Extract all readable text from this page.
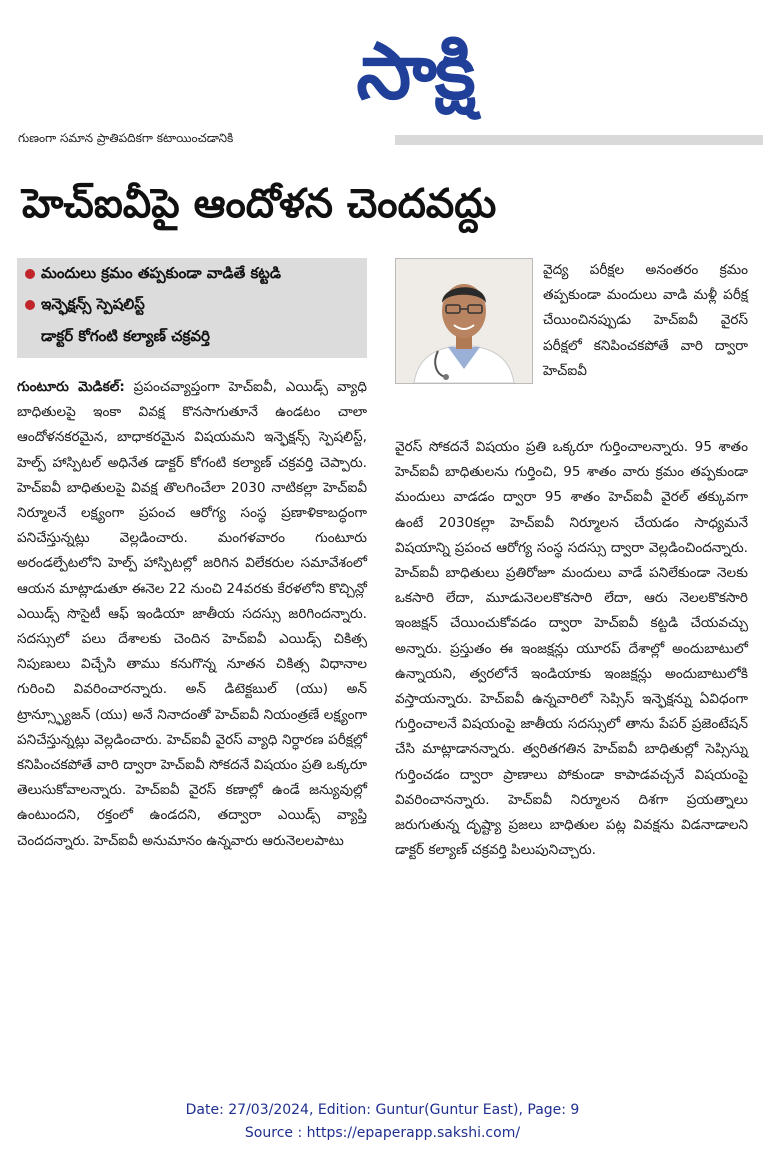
సాక్షి
గుణంగా సమాన ప్రాతిపదికగా కటాయించడానికి
హెచ్ఐవీపై ఆందోళన చెందవద్దు
మందులు క్రమం తప్పకుండా వాడితే కట్టడి
ఇన్ఫెక్షన్స్ స్పెషలిస్ట్
డాక్టర్ కోగంటి కల్యాణ్ చక్రవర్తి

వైద్య పరీక్షల అనంతరం క్రమం తప్పకుండా మందులు వాడి మళ్లీ పరీక్ష చేయించినప్పుడు హెచ్ఐవీ వైరస్ పరీక్షలో కనిపించకపోతే వారి ద్వారా హెచ్ఐవీ

గుంటూరు మెడికల్: ప్రపంచవ్యాప్తంగా హెచ్ఐవీ, ఎయిడ్స్ వ్యాధి బాధితులపై ఇంకా వివక్ష కొనసాగుతూనే ఉండటం చాలా ఆందోళనకరమైన, బాధాకరమైన విషయమని ఇన్ఫెక్షన్స్ స్పెషలిస్ట్, హెల్ప్ హాస్పిటల్ అధినేత డాక్టర్ కోగంటి కల్యాణ్ చక్రవర్తి చెప్పారు. హెచ్ఐవీ బాధితులపై వివక్ష తొలగించేలా 2030 నాటికల్లా హెచ్ఐవీ నిర్మూలనే లక్ష్యంగా ప్రపంచ ఆరోగ్య సంస్థ ప్రణాళికాబద్ధంగా పనిచేస్తున్నట్లు వెల్లడించారు. మంగళవారం గుంటూరు అరండల్పేటలోని హెల్ప్ హాస్పిటల్లో జరిగిన విలేకరుల సమావేశంలో ఆయన మాట్లాడుతూ ఈనెల 22 నుంచి 24వరకు కేరళలోని కొచ్చిన్లో ఎయిడ్స్ సొసైటీ ఆఫ్ ఇండియా జాతీయ సదస్సు జరిగిందన్నారు. సదస్సులో పలు దేశాలకు చెందిన హెచ్ఐవీ ఎయిడ్స్ చికిత్స నిపుణులు విచ్చేసి తాము కనుగొన్న నూతన చికిత్స విధానాల గురించి వివరించారన్నారు. అన్ డిటెక్టబుల్ (యు) అన్ ట్రాన్స్ఫ్యూజన్ (యు) అనే నినాదంతో హెచ్ఐవీ నియంత్రణే లక్ష్యంగా పనిచేస్తున్నట్లు వెల్లడించారు. హెచ్ఐవీ వైరస్ వ్యాధి నిర్ధారణ పరీక్షల్లో కనిపించకపోతే వారి ద్వారా హెచ్ఐవీ సోకదనే విషయం ప్రతి ఒక్కరూ తెలుసుకోవాలన్నారు. హెచ్ఐవీ వైరస్ కణాల్లో ఉండే జన్యువుల్లో ఉంటుందని, రక్తంలో ఉండదని, తద్వారా ఎయిడ్స్ వ్యాప్తి చెందదన్నారు. హెచ్ఐవీ అనుమానం ఉన్నవారు ఆరునెలలపాటు

వైరస్ సోకదనే విషయం ప్రతి ఒక్కరూ గుర్తించాలన్నారు. 95 శాతం హెచ్ఐవీ బాధితులను గుర్తించి, 95 శాతం వారు క్రమం తప్పకుండా మందులు వాడడం ద్వారా 95 శాతం హెచ్ఐవీ వైరల్ తక్కువగా ఉంటే 2030కల్లా హెచ్ఐవీ నిర్మూలన చేయడం సాధ్యమనే విషయాన్ని ప్రపంచ ఆరోగ్య సంస్థ సదస్సు ద్వారా వెల్లడించిందన్నారు. హెచ్ఐవీ బాధితులు ప్రతిరోజూ మందులు వాడే పనిలేకుండా నెలకు ఒకసారి లేదా, మూడునెలలకొకసారి లేదా, ఆరు నెలలకొకసారి ఇంజక్షన్ చేయించుకోవడం ద్వారా హెచ్ఐవీ కట్టడి చేయవచ్చు అన్నారు. ప్రస్తుతం ఈ ఇంజక్షన్లు యూరప్ దేశాల్లో అందుబాటులో ఉన్నాయని, త్వరలోనే ఇండియాకు ఇంజక్షన్లు అందుబాటులోకి వస్తాయన్నారు. హెచ్ఐవీ ఉన్నవారిలో సెప్సిస్ ఇన్ఫెక్షన్ను ఏవిధంగా గుర్తించాలనే విషయంపై జాతీయ సదస్సులో తాను పేపర్ ప్రజెంటేషన్ చేసి మాట్లాడానన్నారు. త్వరితగతిన హెచ్ఐవీ బాధితుల్లో సెప్సిస్ను గుర్తించడం ద్వారా ప్రాణాలు పోకుండా కాపాడవచ్చనే విషయంపై వివరించానన్నారు. హెచ్ఐవీ నిర్మూలన దిశగా ప్రయత్నాలు జరుగుతున్న దృష్ట్యా ప్రజలు బాధితుల పట్ల వివక్షను విడనాడాలని డాక్టర్ కల్యాణ్ చక్రవర్తి పిలుపునిచ్చారు.

Date: 27/03/2024, Edition: Guntur(Guntur East), Page: 9
Source : https://epaperapp.sakshi.com/
